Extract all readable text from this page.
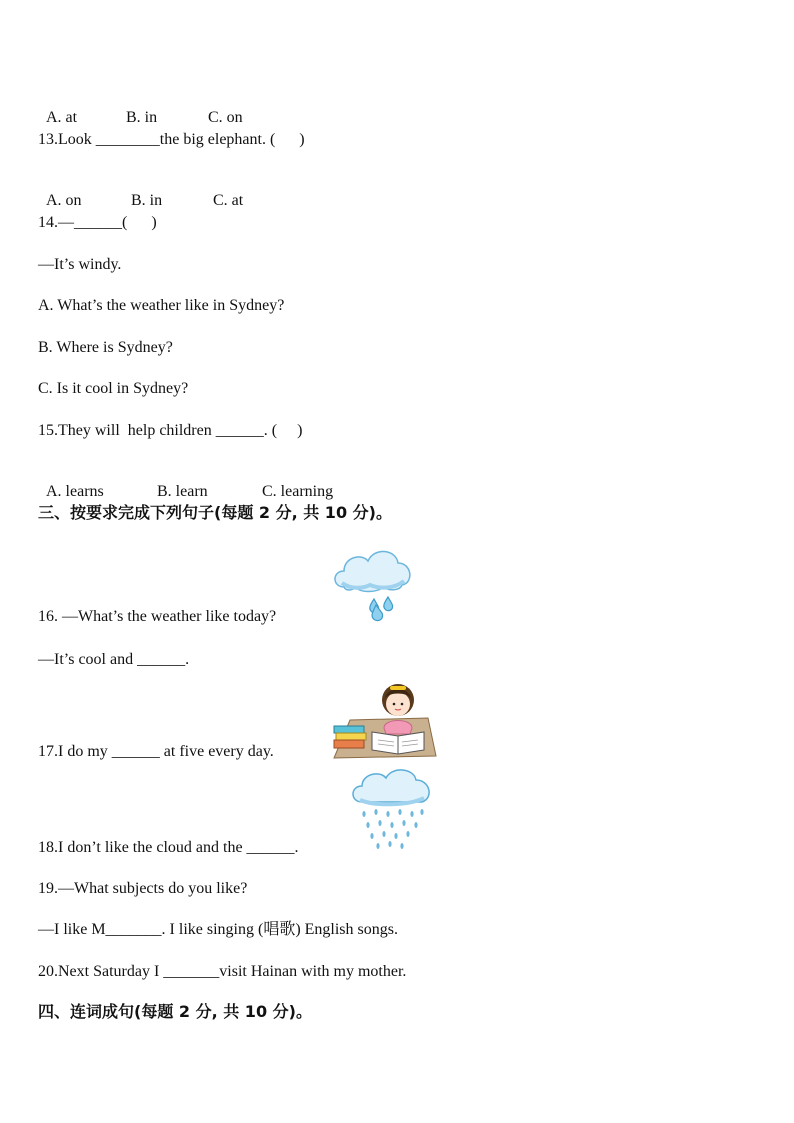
A. at	B. in	C. on

13.Look ________the big elephant. (      )

A. on	B. in	C. at

14.—______(      )
—It’s windy.
A. What’s the weather like in Sydney?
B. Where is Sydney?
C. Is it cool in Sydney?
15.They will  help children ______. (     )

A. learns	B. learn	C. learning

三、按要求完成下列句子(每题 2 分, 共 10 分)。
16. —What’s the weather like today?
—It’s cool and ______.
17.I do my ______ at five every day.
18.I don’t like the cloud and the ______.
19.—What subjects do you like?
—I like M_______. I like singing (唱歌) English songs.
20.Next Saturday I _______visit Hainan with my mother.
四、连词成句(每题 2 分, 共 10 分)。
